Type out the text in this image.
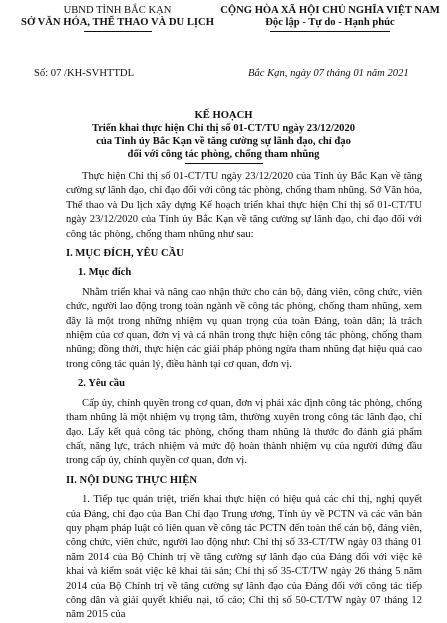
UBND TỈNH BẮC KẠN
SỞ VĂN HÓA, THỂ THAO VÀ DU LỊCH
CỘNG HÒA XÃ HỘI CHỦ NGHĨA VIỆT NAM
Độc lập - Tự do - Hạnh phúc
Số: 07 /KH-SVHTTDL	Bắc Kạn, ngày 07 tháng 01 năm 2021
KẾ HOẠCH
Triển khai thực hiện Chỉ thị số 01-CT/TU ngày 23/12/2020
của Tỉnh ủy Bắc Kạn về tăng cường sự lãnh đạo, chỉ đạo
đối với công tác phòng, chống tham nhũng

Thực hiện Chỉ thị số 01-CT/TU ngày 23/12/2020 của Tỉnh ủy Bắc Kạn về tăng cường sự lãnh đạo, chỉ đạo đối với công tác phòng, chống tham nhũng. Sở Văn hóa, Thể thao và Du lịch xây dựng Kế hoạch triển khai thực hiện Chỉ thị số 01-CT/TU ngày 23/12/2020 của Tỉnh ủy Bắc Kạn về tăng cường sự lãnh đạo, chỉ đạo đối với công tác phòng, chống tham nhũng như sau:

I. MỤC ĐÍCH, YÊU CẦU

1. Mục đích

Nhằm triển khai và nâng cao nhận thức cho cán bộ, đảng viên, công chức, viên chức, người lao động trong toàn ngành về công tác phòng, chống tham nhũng, xem đây là một trong những nhiệm vụ quan trọng của toàn Đảng, toàn dân; là trách nhiệm của cơ quan, đơn vị và cá nhân trong thực hiện công tác phòng, chống tham nhũng; đồng thời, thực hiện các giải pháp phòng ngừa tham nhũng đạt hiệu quả cao trong công tác quản lý, điều hành tại cơ quan, đơn vị.

2. Yêu cầu

Cấp ủy, chính quyền trong cơ quan, đơn vị phải xác định công tác phòng, chống tham nhũng là một nhiệm vụ trọng tâm, thường xuyên trong công tác lãnh đạo, chỉ đạo. Lấy kết quả công tác phòng, chống tham nhũng là thước đo đánh giá phẩm chất, năng lực, trách nhiệm và mức độ hoàn thành nhiệm vụ của người đứng đầu trong cấp ủy, chính quyền cơ quan, đơn vị.

II. NỘI DUNG THỰC HIỆN

1. Tiếp tục quán triệt, triển khai thực hiện có hiệu quả các chỉ thị, nghị quyết của Đảng, chỉ đạo của Ban Chỉ đạo Trung ương, Tỉnh ủy về PCTN và các văn bản quy phạm pháp luật có liên quan về công tác PCTN đến toàn thể cán bộ, đảng viên, công chức, viên chức, người lao động như: Chỉ thị số 33-CT/TW ngày 03 tháng 01 năm 2014 của Bộ Chính trị về tăng cường sự lãnh đạo của Đảng đối với việc kê khai và kiểm soát việc kê khai tài sản; Chỉ thị số 35-CT/TW ngày 26 tháng 5 năm 2014 của Bộ Chính trị về tăng cường sự lãnh đạo của Đảng đối với công tác tiếp công dân và giải quyết khiếu nại, tố cáo; Chỉ thị số 50-CT/TW ngày 07 tháng 12 năm 2015 của
